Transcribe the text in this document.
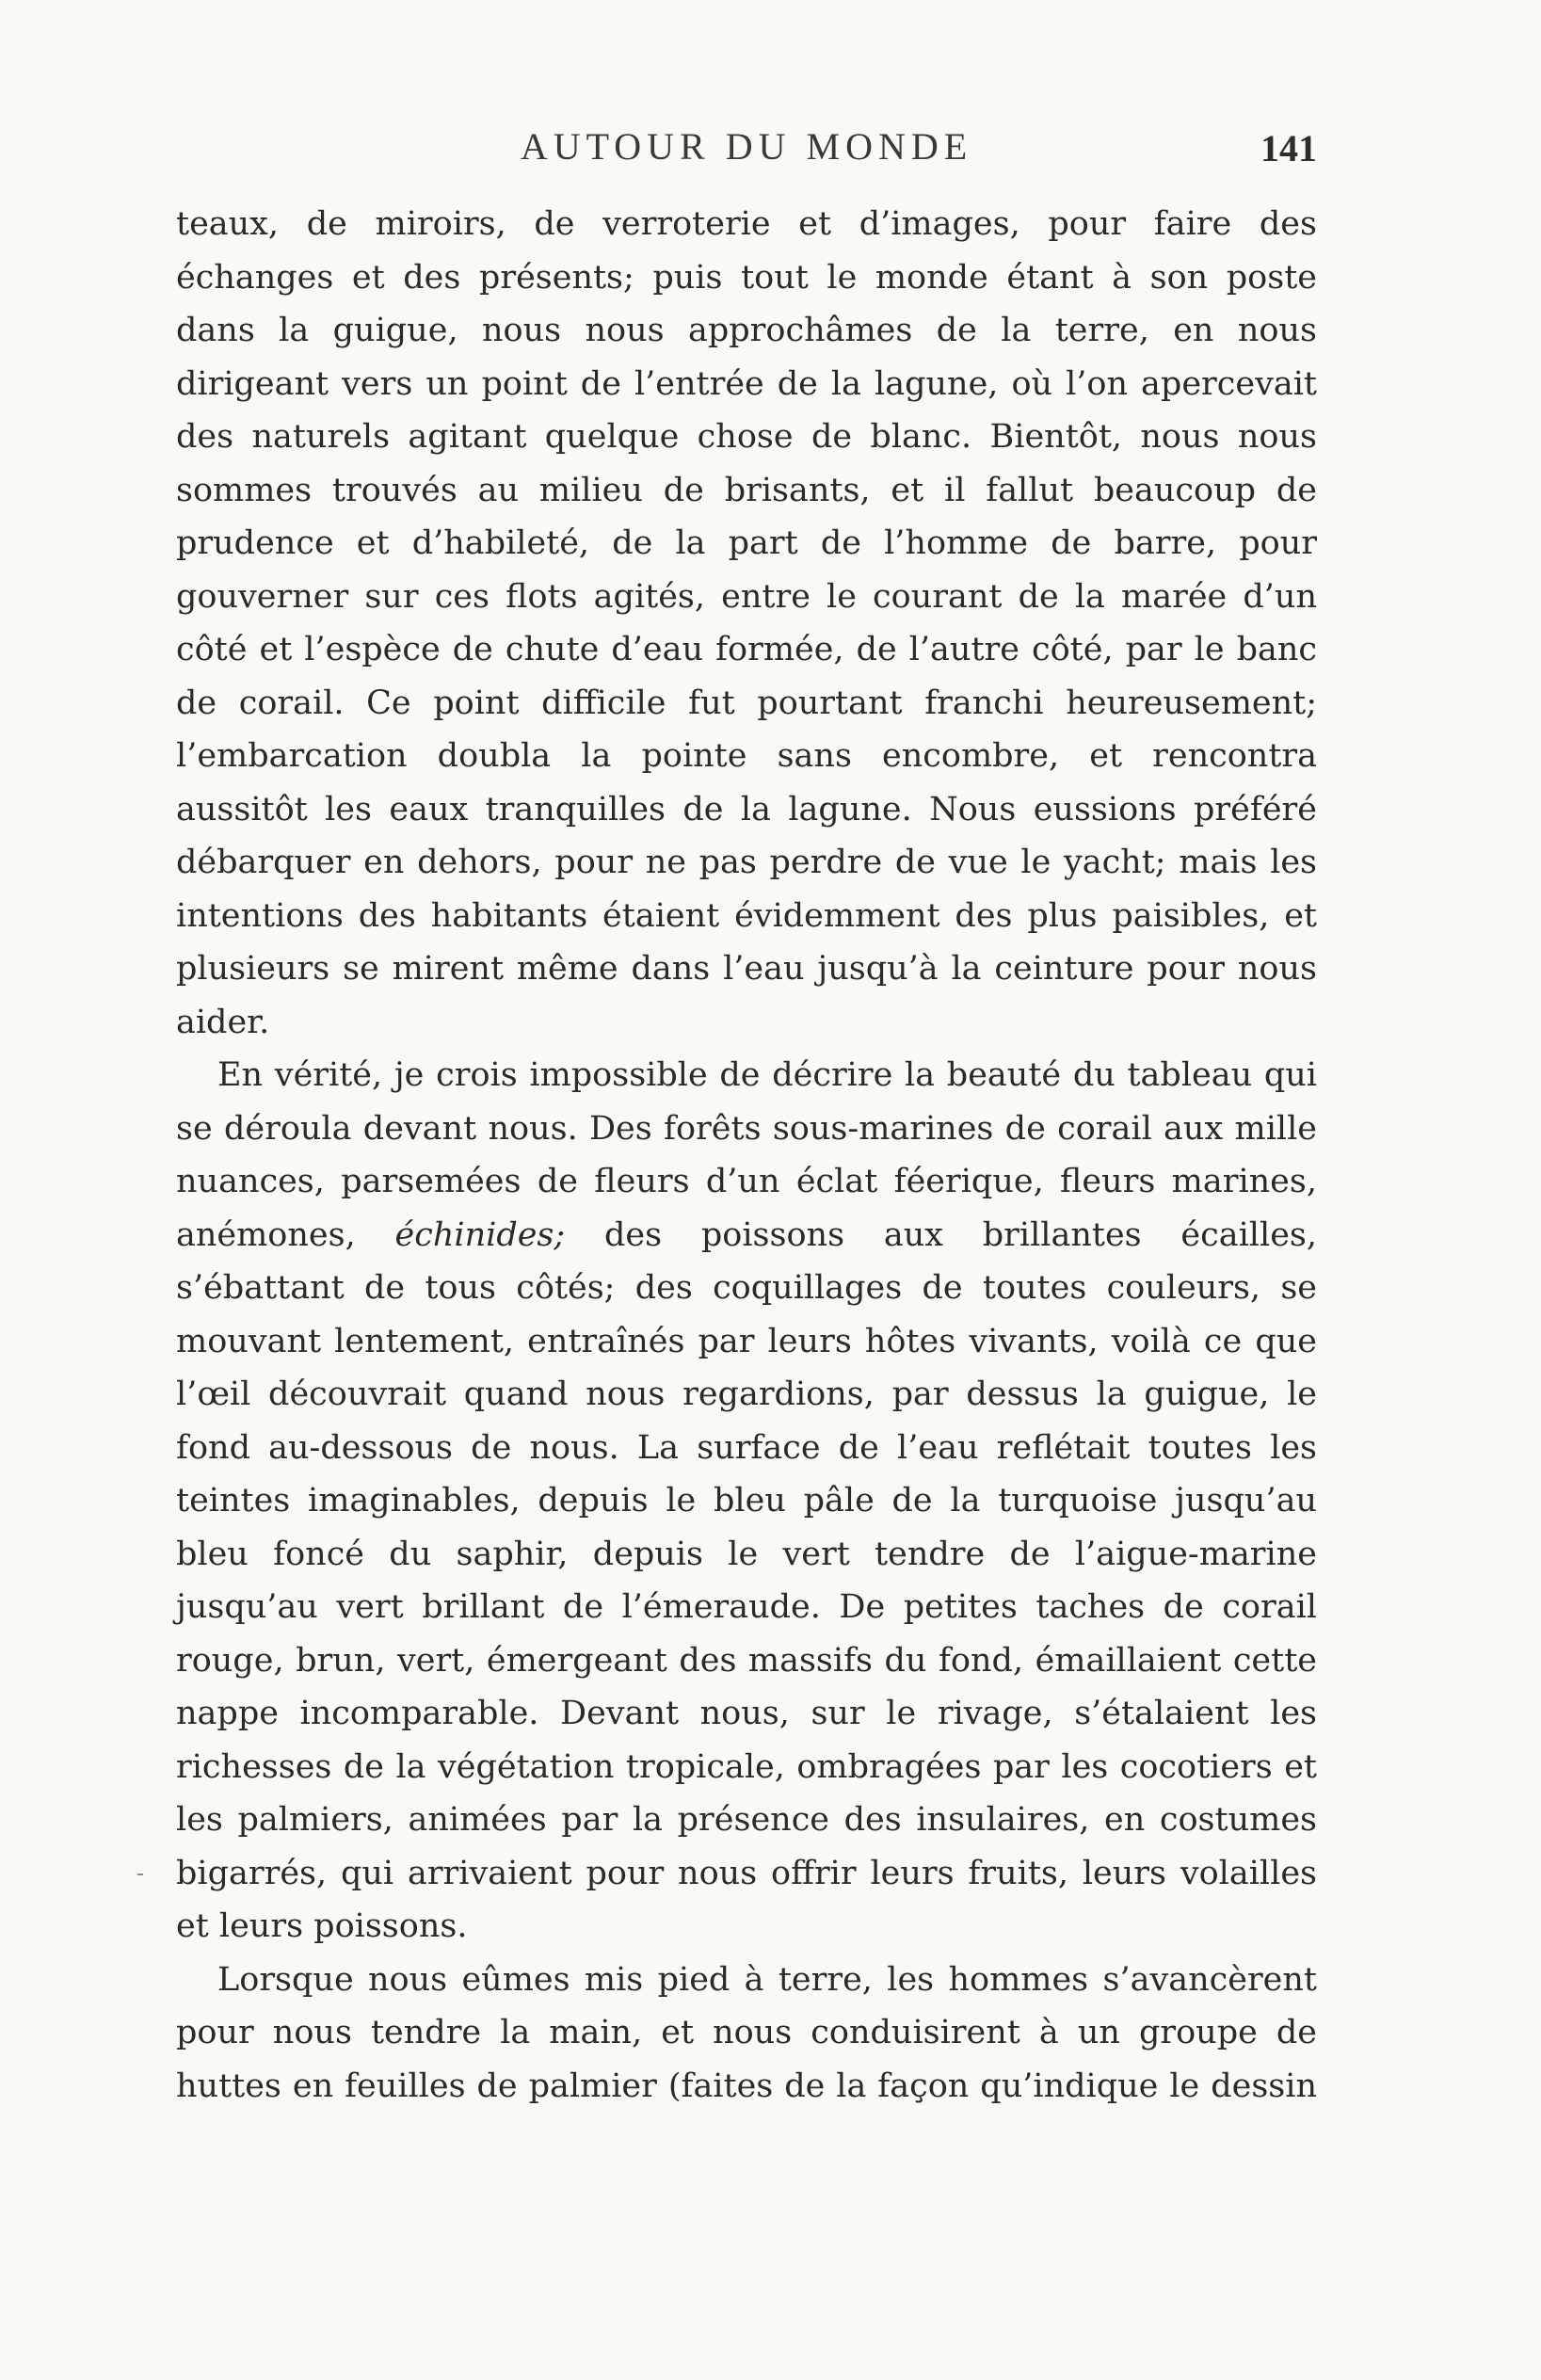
AUTOUR DU MONDE	141

teaux, de miroirs, de verroterie et d’images, pour faire des échanges et des présents; puis tout le monde étant à son poste dans la guigue, nous nous approchâmes de la terre, en nous dirigeant vers un point de l’entrée de la lagune, où l’on apercevait des naturels agitant quelque chose de blanc. Bientôt, nous nous sommes trouvés au milieu de brisants, et il fallut beaucoup de prudence et d’habileté, de la part de l’homme de barre, pour gouverner sur ces flots agités, entre le courant de la marée d’un côté et l’espèce de chute d’eau formée, de l’autre côté, par le banc de corail. Ce point difficile fut pourtant franchi heureusement; l’embarcation doubla la pointe sans encombre, et rencontra aussitôt les eaux tranquilles de la lagune. Nous eussions préféré débarquer en dehors, pour ne pas perdre de vue le yacht; mais les intentions des habitants étaient évidemment des plus paisibles, et plusieurs se mirent même dans l’eau jusqu’à la ceinture pour nous aider.

En vérité, je crois impossible de décrire la beauté du tableau qui se déroula devant nous. Des forêts sous-marines de corail aux mille nuances, parsemées de fleurs d’un éclat féerique, fleurs marines, anémones, échinides; des poissons aux brillantes écailles, s’ébattant de tous côtés; des coquillages de toutes couleurs, se mouvant lentement, entraînés par leurs hôtes vivants, voilà ce que l’œil découvrait quand nous regardions, par dessus la guigue, le fond au-dessous de nous. La surface de l’eau reflétait toutes les teintes imaginables, depuis le bleu pâle de la turquoise jusqu’au bleu foncé du saphir, depuis le vert tendre de l’aigue-marine jusqu’au vert brillant de l’émeraude. De petites taches de corail rouge, brun, vert, émergeant des massifs du fond, émaillaient cette nappe incomparable. Devant nous, sur le rivage, s’étalaient les richesses de la végétation tropicale, ombragées par les cocotiers et les palmiers, animées par la présence des insulaires, en costumes bigarrés, qui arrivaient pour nous offrir leurs fruits, leurs volailles et leurs poissons.

Lorsque nous eûmes mis pied à terre, les hommes s’avancèrent pour nous tendre la main, et nous conduisirent à un groupe de huttes en feuilles de palmier (faites de la façon qu’indique le dessin
